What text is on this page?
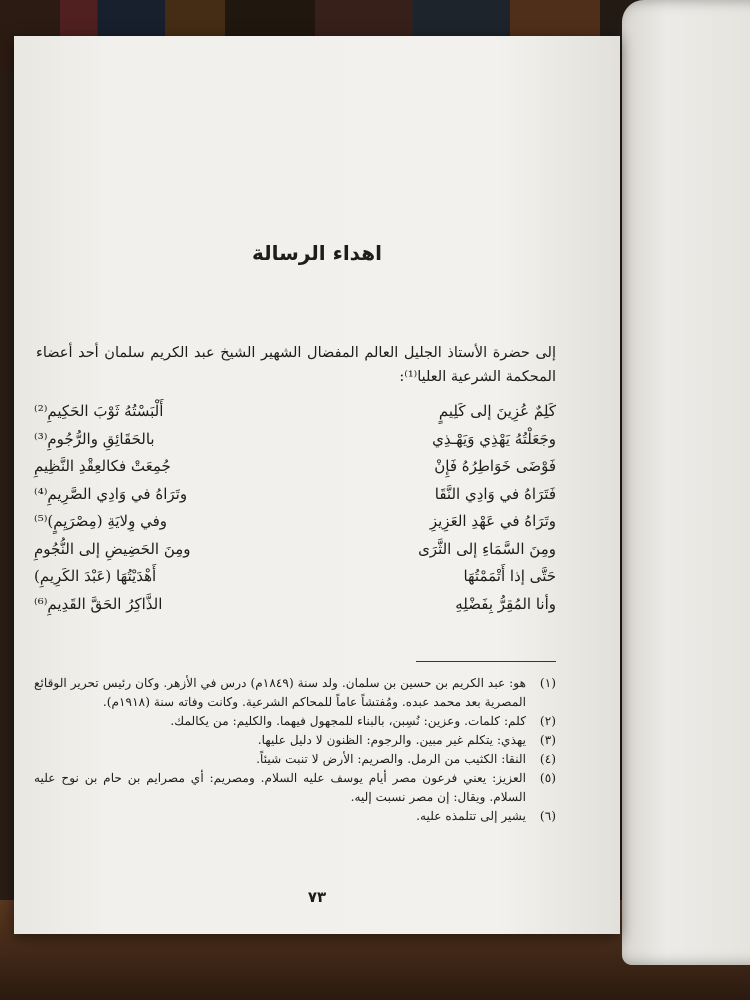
اهداء الرسالة
إلى حضرة الأستاذ الجليل العالم المفضال الشهير الشيخ عبد الكريم سلمان أحد أعضاء المحكمة الشرعية العليا⁽¹⁾:
كَلِمٌ عُزِينَ إلى كَلِيمٍ
أَلْبَسْتُهُ ثَوْبَ الحَكِيمِ⁽²⁾
وجَعَلْتُهُ يَهْذِي وَيَهْـذِي
بالحَقَائِقِ والرُّجُومِ⁽³⁾
فَوْضَى خَوَاطِرُهُ فَإِنْ
جُمِعَتْ فكالعِقْدِ النَّظِيمِ
فَتَرَاهُ في وَادِي النَّقَا
وتَرَاهُ في وَادِي الصَّرِيمِ⁽⁴⁾
وتَرَاهُ في عَهْدِ العَزِيزِ
وفي وِلايَةِ (مِصْرَيِمٍ)⁽⁵⁾
ومِنَ السَّمَاءِ إلى الثَّرَى
ومِنَ الحَضِيضِ إلى النُّجُومِ
حَتَّى إذا أَتْمَمْتُهَا
أَهْدَيْتُهَا (عَبْدَ الكَرِيمِ)
وأنا المُقِرُّ بِفَضْلِهِ
الذَّاكِرُ الحَقَّ القَدِيمِ⁽⁶⁾
(١)
هو: عبد الكريم بن حسين بن سلمان. ولد سنة (١٨٤٩م) درس في الأزهر. وكان رئيس تحرير الوقائع المصرية بعد محمد عبده. ومُفتشاً عاماً للمحاكم الشرعية. وكانت وفاته سنة (١٩١٨م).
(٢)
كلم: كلمات. وعزين: نُسِبن، بالبناء للمجهول فيهما. والكليم: من يكالمك.
(٣)
يهذي: يتكلم غير مبين. والرجوم: الظنون لا دليل عليها.
(٤)
النقا: الكثيب من الرمل. والصريم: الأرض لا تنبت شيئاً.
(٥)
العزيز: يعني فرعون مصر أيام يوسف عليه السلام. ومصريم: أي مصرايم بن حام بن نوح عليه السلام. ويقال: إن مصر نسبت إليه.
(٦)
يشير إلى تتلمذه عليه.
٧٣
